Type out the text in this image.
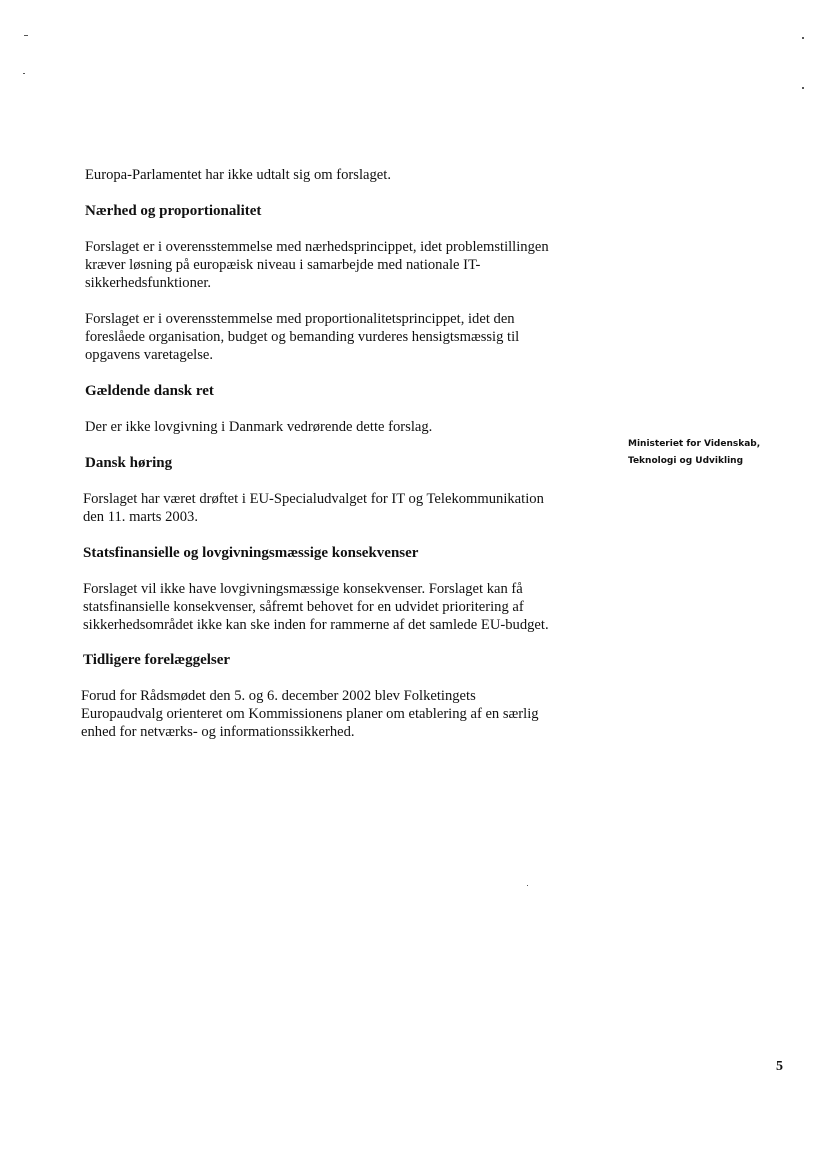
Europa-Parlamentet har ikke udtalt sig om forslaget.

Nærhed og proportionalitet

Forslaget er i overensstemmelse med nærhedsprincippet, idet problemstillingen

kræver løsning på europæisk niveau i samarbejde med nationale IT-

sikkerhedsfunktioner.

Forslaget er i overensstemmelse med proportionalitetsprincippet, idet den

foreslåede organisation, budget og bemanding vurderes hensigtsmæssig til

opgavens varetagelse.

Gældende dansk ret

Der er ikke lovgivning i Danmark vedrørende dette forslag.

Dansk høring

Forslaget har været drøftet i EU-Specialudvalget for IT og Telekommunikation

den 11. marts 2003.

Statsfinansielle og lovgivningsmæssige konsekvenser

Forslaget vil ikke have lovgivningsmæssige konsekvenser. Forslaget kan få

statsfinansielle konsekvenser, såfremt behovet for en udvidet prioritering af

sikkerhedsområdet ikke kan ske inden for rammerne af det samlede EU-budget.

Tidligere forelæggelser

Forud for Rådsmødet den 5. og 6. december 2002 blev Folketingets

Europaudvalg orienteret om Kommissionens planer om etablering af en særlig

enhed for netværks- og informationssikkerhed.

Ministeriet for Videnskab,
Teknologi og Udvikling
5
